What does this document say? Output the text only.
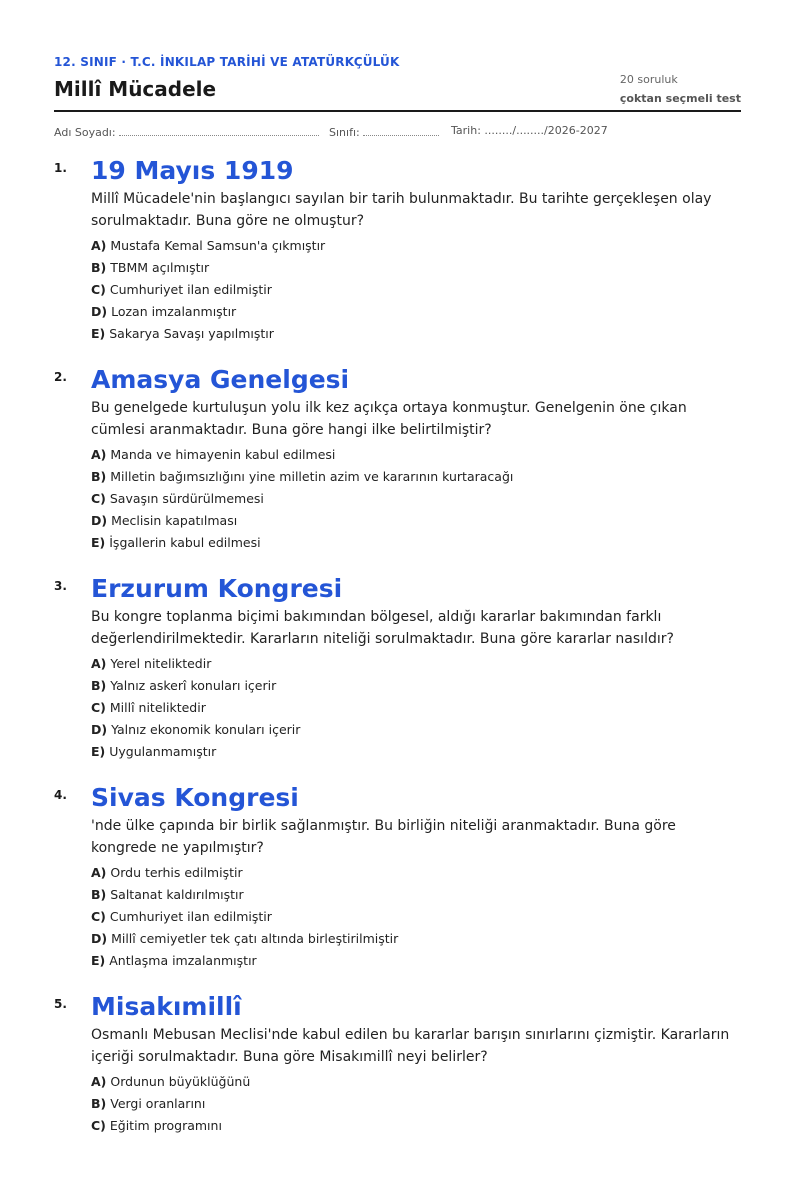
12. SINIF · T.C. İNKILAP TARİHİ VE ATATÜRKÇÜLÜK
Millî Mücadele	20 soruluk
çoktan seçmeli test
Adı Soyadı:	Sınıfı:	Tarih: ......../......../2026-2027
1. 19 Mayıs 1919
Millî Mücadele'nin başlangıcı sayılan bir tarih bulunmaktadır. Bu tarihte gerçekleşen olay sorulmaktadır. Buna göre ne olmuştur?
A) Mustafa Kemal Samsun'a çıkmıştır
B) TBMM açılmıştır
C) Cumhuriyet ilan edilmiştir
D) Lozan imzalanmıştır
E) Sakarya Savaşı yapılmıştır
2. Amasya Genelgesi
Bu genelgede kurtuluşun yolu ilk kez açıkça ortaya konmuştur. Genelgenin öne çıkan cümlesi aranmaktadır. Buna göre hangi ilke belirtilmiştir?
A) Manda ve himayenin kabul edilmesi
B) Milletin bağımsızlığını yine milletin azim ve kararının kurtaracağı
C) Savaşın sürdürülmemesi
D) Meclisin kapatılması
E) İşgallerin kabul edilmesi
3. Erzurum Kongresi
Bu kongre toplanma biçimi bakımından bölgesel, aldığı kararlar bakımından farklı değerlendirilmektedir. Kararların niteliği sorulmaktadır. Buna göre kararlar nasıldır?
A) Yerel niteliktedir
B) Yalnız askerî konuları içerir
C) Millî niteliktedir
D) Yalnız ekonomik konuları içerir
E) Uygulanmamıştır
4. Sivas Kongresi
'nde ülke çapında bir birlik sağlanmıştır. Bu birliğin niteliği aranmaktadır. Buna göre kongrede ne yapılmıştır?
A) Ordu terhis edilmiştir
B) Saltanat kaldırılmıştır
C) Cumhuriyet ilan edilmiştir
D) Millî cemiyetler tek çatı altında birleştirilmiştir
E) Antlaşma imzalanmıştır
5. Misakımillî
Osmanlı Mebusan Meclisi'nde kabul edilen bu kararlar barışın sınırlarını çizmiştir. Kararların içeriği sorulmaktadır. Buna göre Misakımillî neyi belirler?
A) Ordunun büyüklüğünü
B) Vergi oranlarını
C) Eğitim programını
